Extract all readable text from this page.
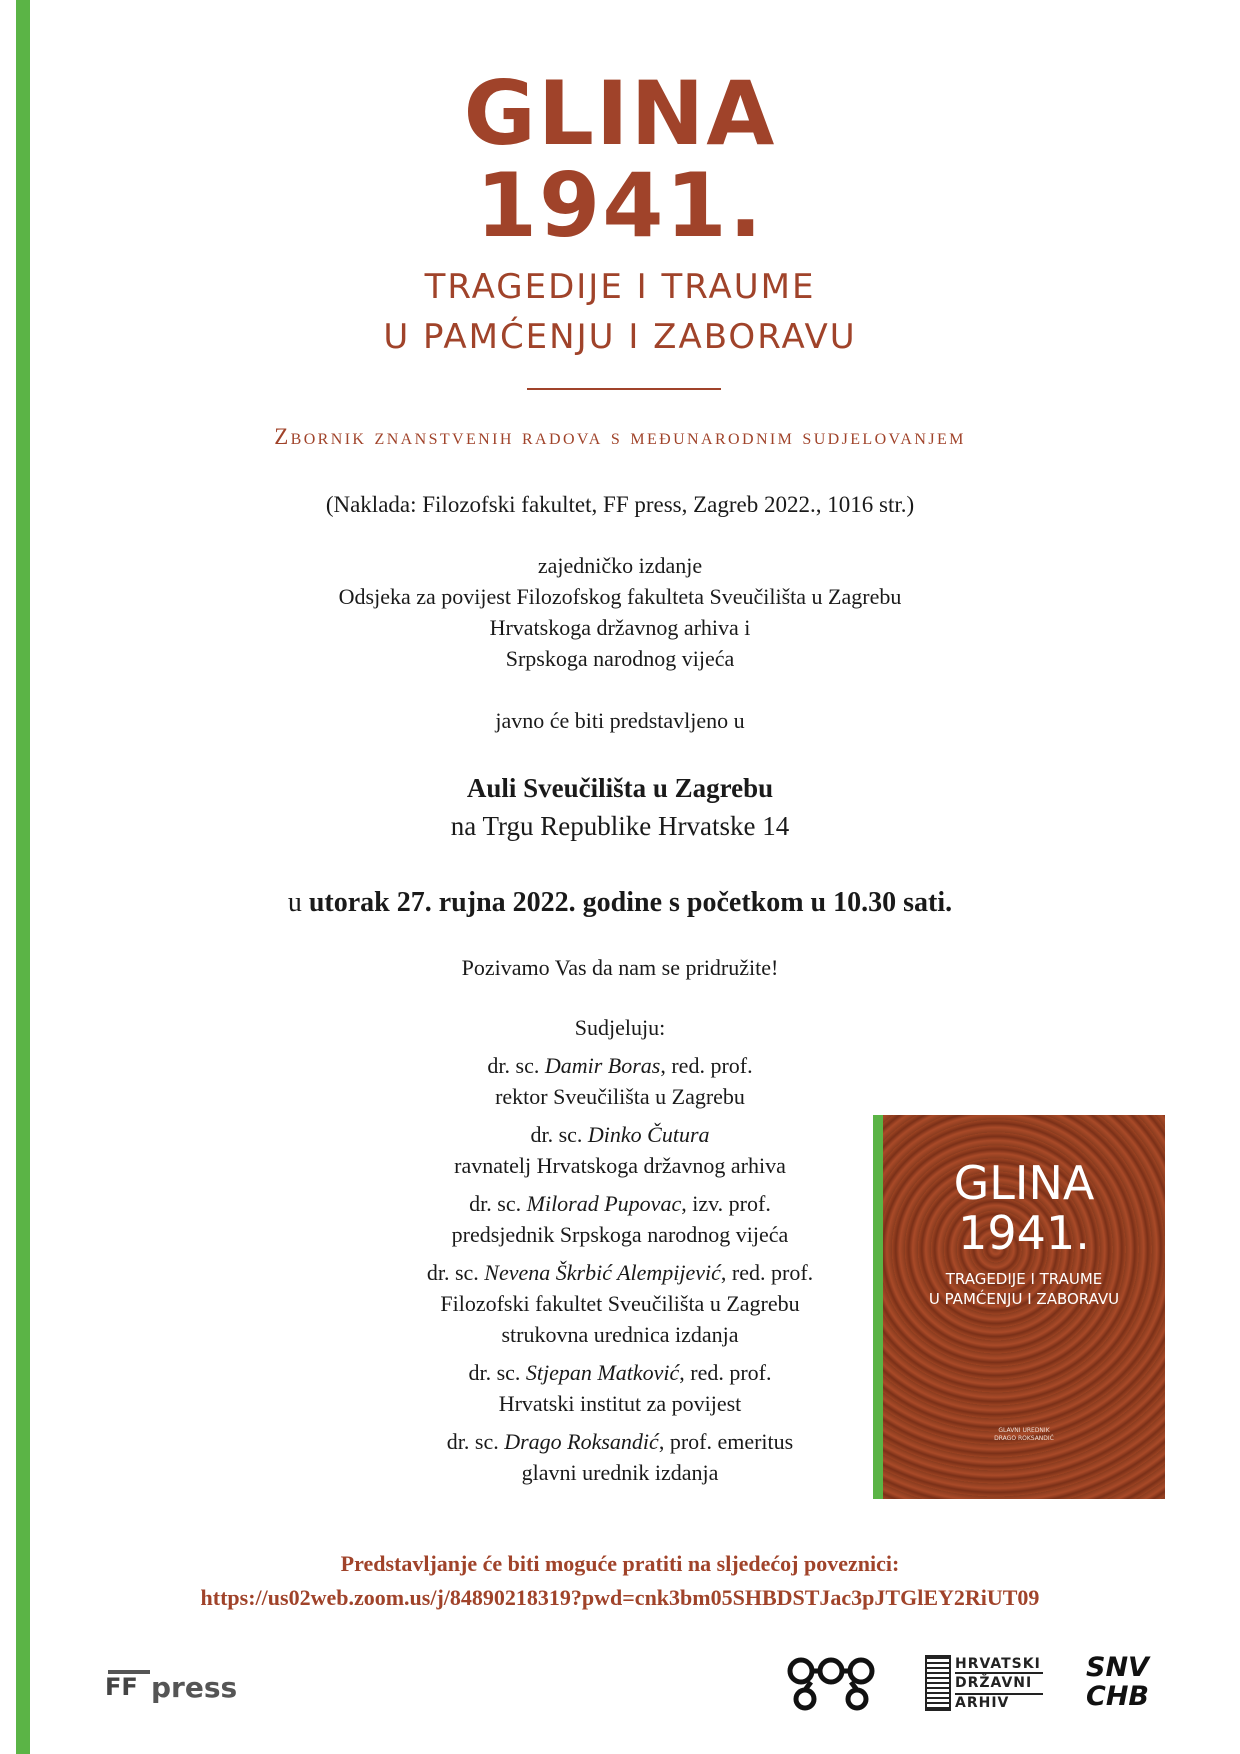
GLINA
1941.
TRAGEDIJE I TRAUME
U PAMĆENJU I ZABORAVU
Zbornik znanstvenih radova s međunarodnim sudjelovanjem
(Naklada: Filozofski fakultet, FF press, Zagreb 2022., 1016 str.)
zajedničko izdanje
Odsjeka za povijest Filozofskog fakulteta Sveučilišta u Zagrebu
Hrvatskoga državnog arhiva i
Srpskoga narodnog vijeća
javno će biti predstavljeno u
Auli Sveučilišta u Zagrebu
na Trgu Republike Hrvatske 14
u utorak 27. rujna 2022. godine s početkom u 10.30 sati.
Pozivamo Vas da nam se pridružite!
Sudjeluju:
dr. sc. Damir Boras, red. prof.
rektor Sveučilišta u Zagrebu
dr. sc. Dinko Čutura
ravnatelj Hrvatskoga državnog arhiva
dr. sc. Milorad Pupovac, izv. prof.
predsjednik Srpskoga narodnog vijeća
dr. sc. Nevena Škrbić Alempijević, red. prof.
Filozofski fakultet Sveučilišta u Zagrebu
strukovna urednica izdanja
dr. sc. Stjepan Matković, red. prof.
Hrvatski institut za povijest
dr. sc. Drago Roksandić, prof. emeritus
glavni urednik izdanja
GLINA
1941.
TRAGEDIJE I TRAUME
U PAMĆENJU I ZABORAVU
GLAVNI UREDNIK
DRAGO ROKSANDIĆ
Predstavljanje će biti moguće pratiti na sljedećoj poveznici:
https://us02web.zoom.us/j/84890218319?pwd=cnk3bm05SHBDSTJac3pJTGlEY2RiUT09
FF press
HRVATSKI
DRŽAVNI
ARHIV
SNV
CHB
